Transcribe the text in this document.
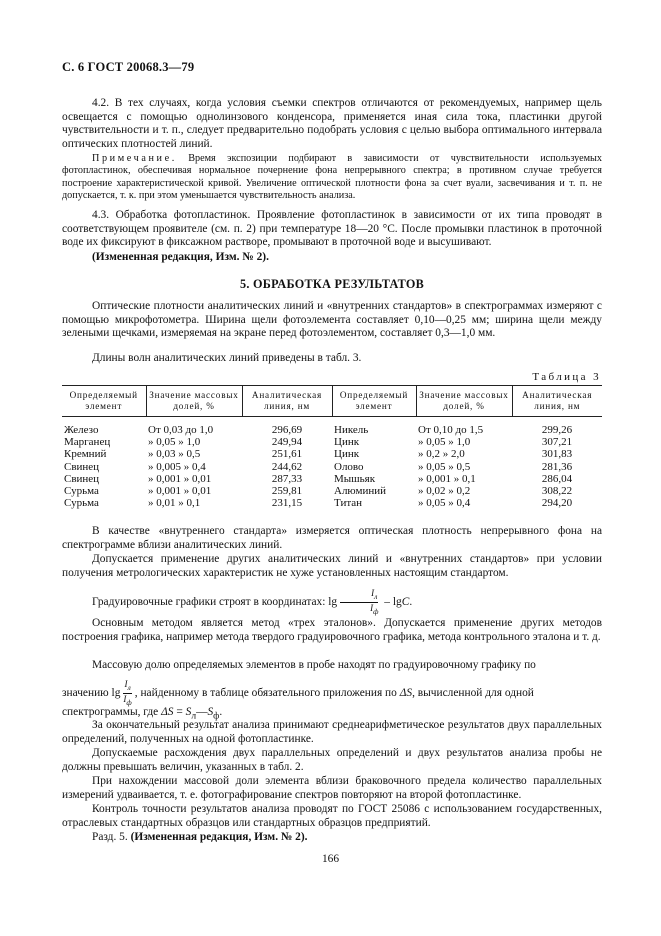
С. 6 ГОСТ 20068.3—79
4.2. В тех случаях, когда условия съемки спектров отличаются от рекомендуемых, например щель освещается с помощью однолинзового конденсора, применяется иная сила тока, пластинки другой чувствительности и т. п., следует предварительно подобрать условия с целью выбора оптимального интервала оптических плотностей линий.
Примечание. Время экспозиции подбирают в зависимости от чувствительности используемых фотопластинок, обеспечивая нормальное почернение фона непрерывного спектра; в противном случае требуется построение характеристической кривой. Увеличение оптической плотности фона за счет вуали, засвечивания и т. п. не допускается, т. к. при этом уменьшается чувствительность анализа.
4.3. Обработка фотопластинок. Проявление фотопластинок в зависимости от их типа проводят в соответствующем проявителе (см. п. 2) при температуре 18—20 °С. После промывки пластинок в проточной воде их фиксируют в фиксажном растворе, промывают в проточной воде и высушивают.
(Измененная редакция, Изм. № 2).
5. ОБРАБОТКА РЕЗУЛЬТАТОВ
Оптические плотности аналитических линий и «внутренних стандартов» в спектрограммах измеряют с помощью микрофотометра. Ширина щели фотоэлемента составляет 0,10—0,25 мм; ширина щели между зелеными щечками, измеряемая на экране перед фотоэлементом, составляет 0,3—1,0 мм.
Длины волн аналитических линий приведены в табл. 3.
Таблица 3
Определяемый элемент	Значение массовых долей, %	Аналитическая линия, нм	Определяемый элемент	Значение массовых долей, %	Аналитическая линия, нм
Железо	От 0,03 до 1,0	296,69	Никель	От 0,10 до 1,5	299,26
Марганец	» 0,05 » 1,0	249,94	Цинк	» 0,05 » 1,0	307,21
Кремний	» 0,03 » 0,5	251,61	Цинк	» 0,2 » 2,0	301,83
Свинец	» 0,005 » 0,4	244,62	Олово	» 0,05 » 0,5	281,36
Свинец	» 0,001 » 0,01	287,33	Мышьяк	» 0,001 » 0,1	286,04
Сурьма	» 0,001 » 0,01	259,81	Алюминий	» 0,02 » 0,2	308,22
Сурьма	» 0,01 » 0,1	231,15	Титан	» 0,05 » 0,4	294,20
В качестве «внутреннего стандарта» измеряется оптическая плотность непрерывного фона на спектрограмме вблизи аналитических линий.
Допускается применение других аналитических линий и «внутренних стандартов» при условии получения метрологических характеристик не хуже установленных настоящим стандартом.
Градуировочные графики строят в координатах: $\lg \frac{I_л}{I_ф}$ – lgC.
Основным методом является метод «трех эталонов». Допускается применение других методов построения графика, например метода твердого градуировочного графика, метода контрольного эталона и т. д.
Массовую долю определяемых элементов в пробе находят по градуировочному графику по
значению $\lg \frac{I_л}{I_ф}$ , найденному в таблице обязательного приложения по ΔS, вычисленной для одной
спектрограммы, где $\Delta S = S_л—S_ф$.
За окончательный результат анализа принимают среднеарифметическое результатов двух параллельных определений, полученных на одной фотопластинке.
Допускаемые расхождения двух параллельных определений и двух результатов анализа пробы не должны превышать величин, указанных в табл. 2.
При нахождении массовой доли элемента вблизи браковочного предела количество параллельных измерений удваивается, т. е. фотографирование спектров повторяют на второй фотопластинке.
Контроль точности результатов анализа проводят по ГОСТ 25086 с использованием государственных, отраслевых стандартных образцов или стандартных образцов предприятий.
Разд. 5. (Измененная редакция, Изм. № 2).
166
